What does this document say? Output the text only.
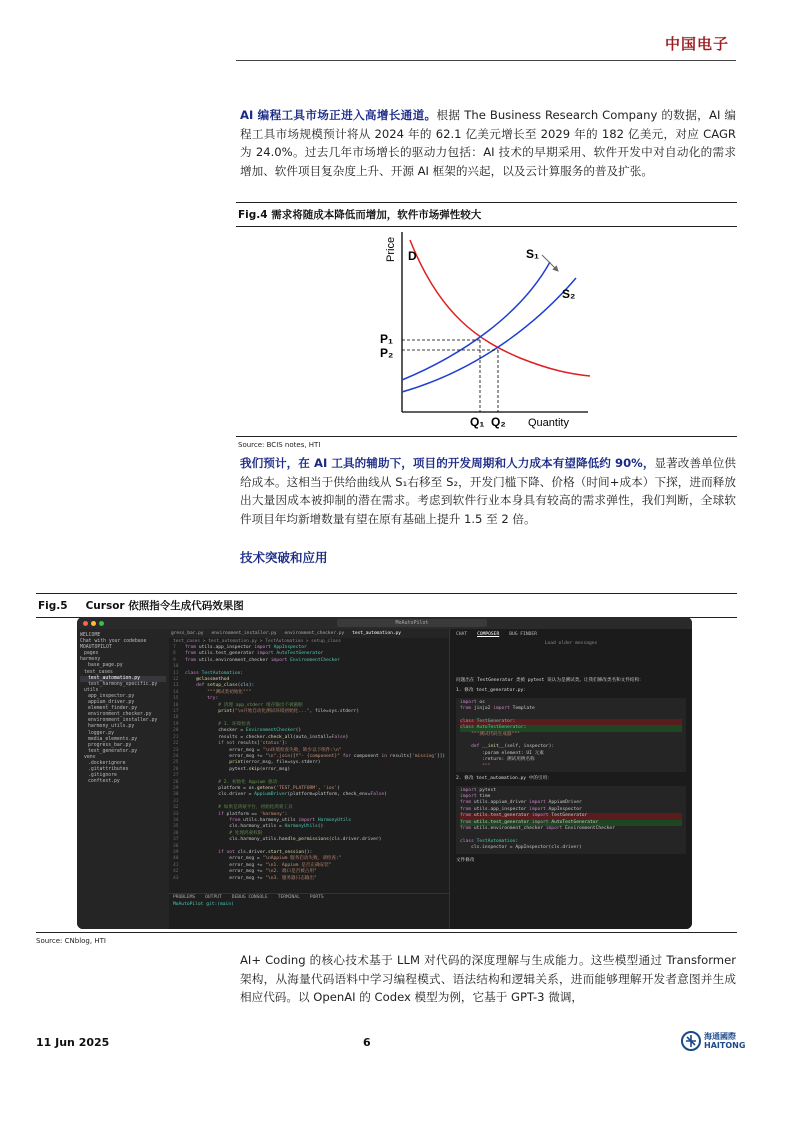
中国电子
AI 编程工具市场正进入高增长通道。根据 The Business Research Company 的数据，AI 编程工具市场规模预计将从 2024 年的 62.1 亿美元增长至 2029 年的 182 亿美元，对应 CAGR 为 24.0%。过去几年市场增长的驱动力包括：AI 技术的早期采用、软件开发中对自动化的需求增加、软件项目复杂度上升、开源 AI 框架的兴起，以及云计算服务的普及扩张。
Fig.4 需求将随成本降低而增加，软件市场弹性较大
Price
Quantity
D	S₁
S₂
P₁
P₂
Q₁ Q₂
Source: BCIS notes, HTI
我们预计，在 AI 工具的辅助下，项目的开发周期和人力成本有望降低约 90%，显著改善单位供给成本。这相当于供给曲线从 S₁右移至 S₂，开发门槛下降、价格（时间+成本）下探，进而释放出大量因成本被抑制的潜在需求。考虑到软件行业本身具有较高的需求弹性，我们判断，全球软件项目年均新增数量有望在原有基础上提升 1.5 至 2 倍。
技术突破和应用
Fig.5 Cursor 依照指令生成代码效果图
MoAutoPilot
WELCOME
Chat with your codebase
MOAUTOPILOT
pages
harmony
base_page.py
test_cases
test_automation.py
test_harmony_specific.py
utils
app_inspector.py
appium_driver.py
element_finder.py
environment_checker.py
environment_installer.py
harmony_utils.py
logger.py
media_elements.py
progress_bar.py
test_generator.py
venv
.dockerignore
.gitattributes
.gitignore
conftest.py
gress_bar.py environment_installer.py environment_checker.py test_automation.py
test_cases > test_automation.py > TestAutomation > setup_class
7 from utils.app_inspector import AppInspector
8 from utils.test_generator import AutoTestGenerator
9 from utils.environment_checker import EnvironmentChecker
10
11 class TestAutomation:
12	@classmethod
13	def setup_class(cls):
14	"""测试类初始化"""
15	try:
16	# 清理 app_stderr 缓存输出不被截断
17	print("\n开始自动化测试环境初始化...", file=sys.stderr)
18
19	# 1. 环境检查
20            checker = EnvironmentChecker()
21            results = checker.check_all(auto_install=False)
22	if not results['status']:
23                error_msg = "\n环境检查失败，缺少以下组件:\n"
24                error_msg += "\n".join([f"- {component}" for component in results['missing']])
25	print(error_msg, file=sys.stderr)
26                pytest.skip(error_msg)
27
28	# 2. 初始化 Appium 驱动
29            platform = os.getenv('TEST_PLATFORM', 'ios')
30            cls.driver = AppiumDriver(platform=platform, check_env=False)
31
32	# 如果是鸿蒙平台，初始化鸿蒙工具
33	if platform == 'harmony':
34	from utils.harmony_utils import HarmonyUtils
35                cls.harmony_utils = HarmonyUtils()
36	# 处理鸿蒙权限
37                cls.harmony_utils.handle_permissions(cls.driver.driver)
38
39	if not cls.driver.start_session():
40                error_msg = "\nAppium 服务启动失败，请检查:"
41                error_msg += "\n1. Appium 是否正确安装"
42                error_msg += "\n2. 端口是否被占用"
43                error_msg += "\n3. 服务器日志输出"
PROBLEMS OUTPUT DEBUG CONSOLE TERMINAL PORTS
MoAutoPilot git:(main)
CHAT COMPOSER BUG FINDER
Load older messages
问题出在 TestGenerator 类被 pytest 误认为是测试类。让我们修改类名和文件结构：
1. 修改 test_generator.py：
import os
from jinja2 import Template

class TestGenerator:
class AutoTestGenerator:
"""测试代码生成器"""

def __init__(self, inspector):
:param element: UI 元素
:return: 测试用例名称
"""
2. 修改 test_automation.py 中的引用：
import pytest
import time
from utils.appium_driver import AppiumDriver
from utils.app_inspector import AppInspector

from utils.test_generator import TestGenerator
from utils.test_generator import AutoTestGenerator
from utils.environment_checker import EnvironmentChecker

class TestAutomation:
cls.inspector = AppInspector(cls.driver)
文件修改
Source: CNblog, HTI
AI+ Coding 的核心技术基于 LLM 对代码的深度理解与生成能力。这些模型通过 Transformer 架构，从海量代码语料中学习编程模式、语法结构和逻辑关系，进而能够理解开发者意图并生成相应代码。以 OpenAI 的 Codex 模型为例，它基于 GPT-3 微调，
11 Jun 2025	6	海通國際
HAITONG
